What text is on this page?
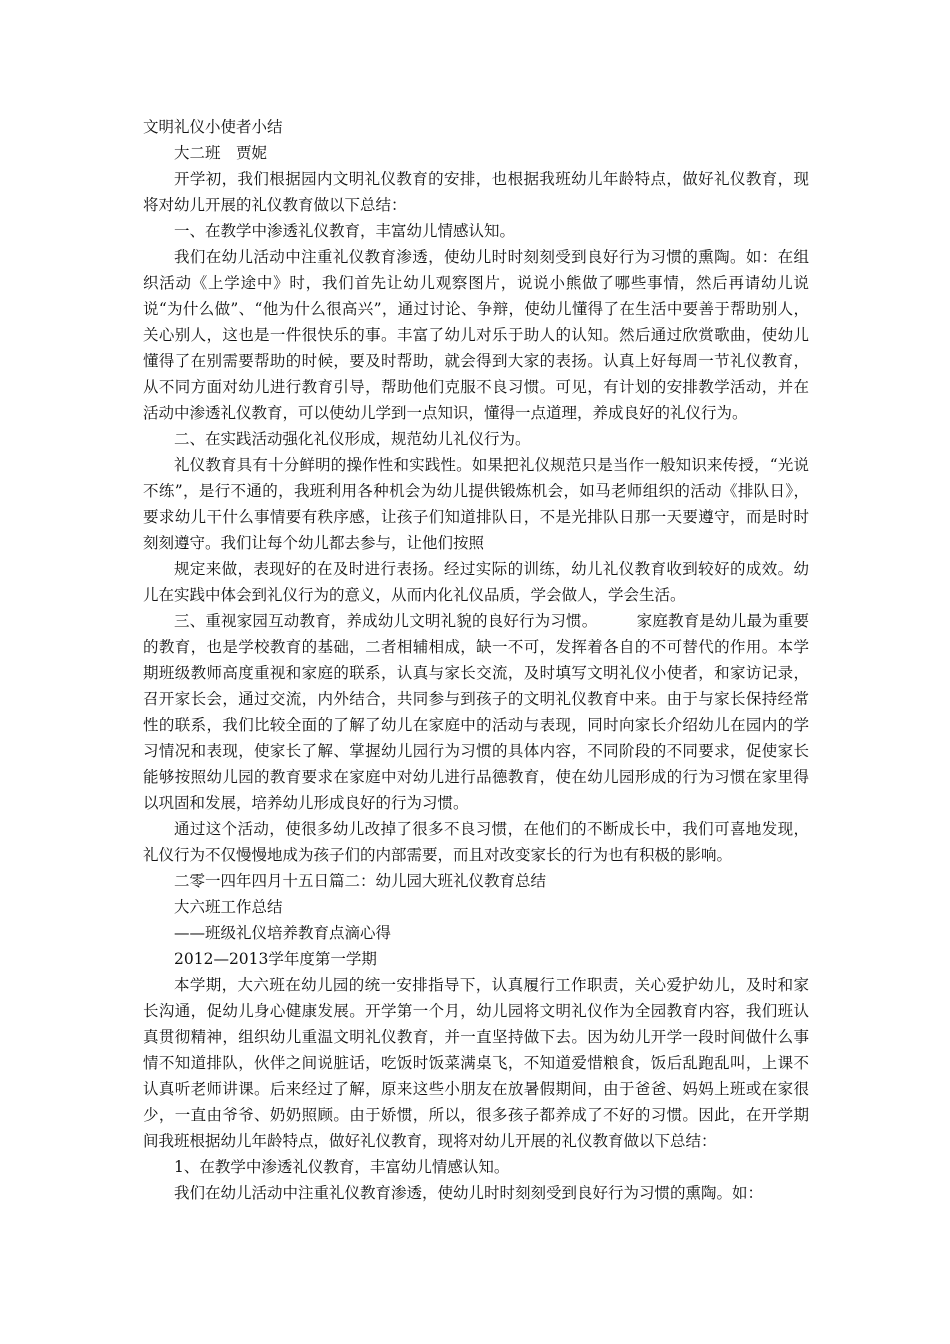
文明礼仪小使者小结

大二班　贾妮

开学初，我们根据园内文明礼仪教育的安排，也根据我班幼儿年龄特点，做好礼仪教育，现将对幼儿开展的礼仪教育做以下总结：

一、在教学中渗透礼仪教育，丰富幼儿情感认知。

我们在幼儿活动中注重礼仪教育渗透，使幼儿时时刻刻受到良好行为习惯的熏陶。如：在组织活动《上学途中》时，我们首先让幼儿观察图片，说说小熊做了哪些事情，然后再请幼儿说说“为什么做”、“他为什么很高兴”，通过讨论、争辩，使幼儿懂得了在生活中要善于帮助别人，关心别人，这也是一件很快乐的事。丰富了幼儿对乐于助人的认知。然后通过欣赏歌曲，使幼儿懂得了在别需要帮助的时候，要及时帮助，就会得到大家的表扬。认真上好每周一节礼仪教育，从不同方面对幼儿进行教育引导，帮助他们克服不良习惯。可见，有计划的安排教学活动，并在活动中渗透礼仪教育，可以使幼儿学到一点知识，懂得一点道理，养成良好的礼仪行为。

二、在实践活动强化礼仪形成，规范幼儿礼仪行为。

礼仪教育具有十分鲜明的操作性和实践性。如果把礼仪规范只是当作一般知识来传授，“光说不练”，是行不通的，我班利用各种机会为幼儿提供锻炼机会，如马老师组织的活动《排队日》，要求幼儿干什么事情要有秩序感，让孩子们知道排队日，不是光排队日那一天要遵守，而是时时刻刻遵守。我们让每个幼儿都去参与，让他们按照

规定来做，表现好的在及时进行表扬。经过实际的训练，幼儿礼仪教育收到较好的成效。幼儿在实践中体会到礼仪行为的意义，从而内化礼仪品质，学会做人，学会生活。

三、重视家园互动教育，养成幼儿文明礼貌的良好行为习惯。　　　家庭教育是幼儿最为重要的教育，也是学校教育的基础，二者相辅相成，缺一不可，发挥着各自的不可替代的作用。本学期班级教师高度重视和家庭的联系，认真与家长交流，及时填写文明礼仪小使者，和家访记录，召开家长会，通过交流，内外结合，共同参与到孩子的文明礼仪教育中来。由于与家长保持经常性的联系，我们比较全面的了解了幼儿在家庭中的活动与表现，同时向家长介绍幼儿在园内的学习情况和表现，使家长了解、掌握幼儿园行为习惯的具体内容，不同阶段的不同要求，促使家长能够按照幼儿园的教育要求在家庭中对幼儿进行品德教育，使在幼儿园形成的行为习惯在家里得以巩固和发展，培养幼儿形成良好的行为习惯。

通过这个活动，使很多幼儿改掉了很多不良习惯，在他们的不断成长中，我们可喜地发现，礼仪行为不仅慢慢地成为孩子们的内部需要，而且对改变家长的行为也有积极的影响。

二零一四年四月十五日篇二：幼儿园大班礼仪教育总结

大六班工作总结

——班级礼仪培养教育点滴心得

2012—2013学年度第一学期

本学期，大六班在幼儿园的统一安排指导下，认真履行工作职责，关心爱护幼儿，及时和家长沟通，促幼儿身心健康发展。开学第一个月，幼儿园将文明礼仪作为全园教育内容，我们班认真贯彻精神，组织幼儿重温文明礼仪教育，并一直坚持做下去。因为幼儿开学一段时间做什么事情不知道排队，伙伴之间说脏话，吃饭时饭菜满桌飞，不知道爱惜粮食，饭后乱跑乱叫，上课不认真听老师讲课。后来经过了解，原来这些小朋友在放暑假期间，由于爸爸、妈妈上班或在家很少，一直由爷爷、奶奶照顾。由于娇惯，所以，很多孩子都养成了不好的习惯。因此，在开学期间我班根据幼儿年龄特点，做好礼仪教育，现将对幼儿开展的礼仪教育做以下总结：

1、在教学中渗透礼仪教育，丰富幼儿情感认知。

我们在幼儿活动中注重礼仪教育渗透，使幼儿时时刻刻受到良好行为习惯的熏陶。如：
